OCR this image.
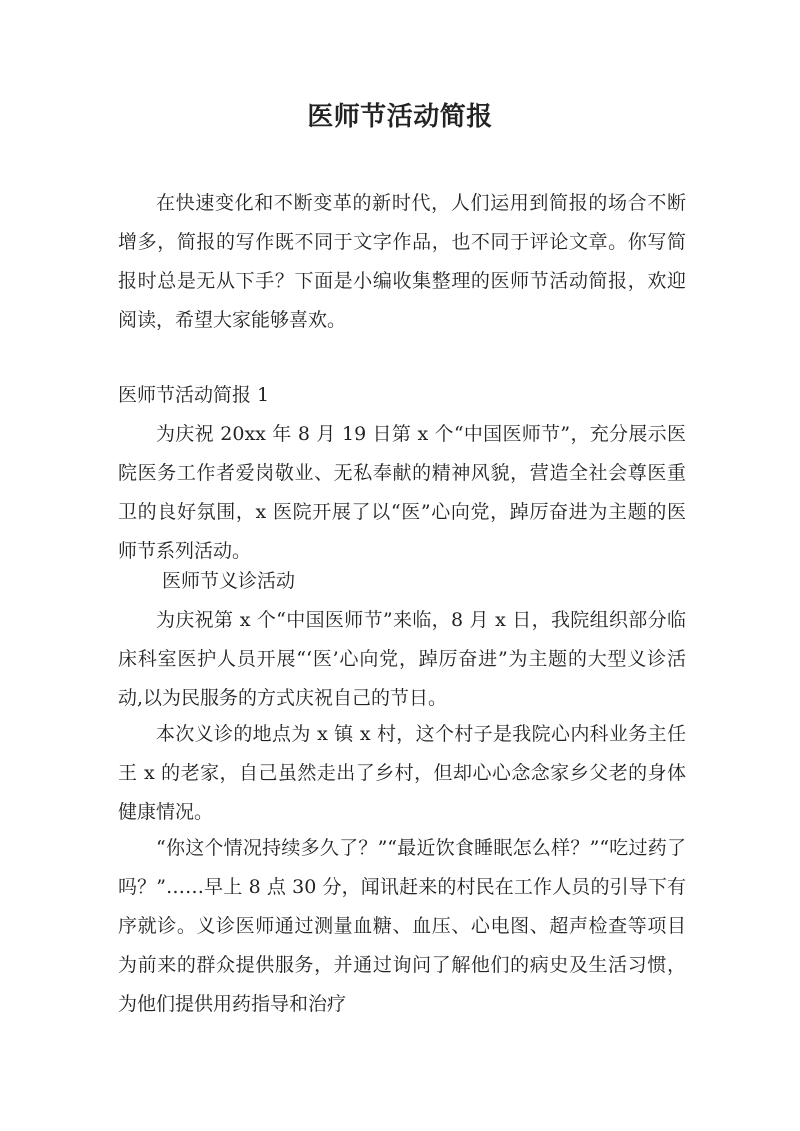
医师节活动简报

在快速变化和不断变革的新时代，人们运用到简报的场合不断增多，简报的写作既不同于文字作品，也不同于评论文章。你写简报时总是无从下手？下面是小编收集整理的医师节活动简报，欢迎阅读，希望大家能够喜欢。

医师节活动简报 1

为庆祝 20xx 年 8 月 19 日第 x 个“中国医师节”，充分展示医院医务工作者爱岗敬业、无私奉献的精神风貌，营造全社会尊医重卫的良好氛围，x 医院开展了以“医”心向党，踔厉奋进为主题的医师节系列活动。

医师节义诊活动

为庆祝第 x 个“中国医师节”来临，8 月 x 日，我院组织部分临床科室医护人员开展“‘医’心向党，踔厉奋进”为主题的大型义诊活动,以为民服务的方式庆祝自己的节日。

本次义诊的地点为 x 镇 x 村，这个村子是我院心内科业务主任王 x 的老家，自己虽然走出了乡村，但却心心念念家乡父老的身体健康情况。

“你这个情况持续多久了？”“最近饮食睡眠怎么样？”“吃过药了吗？”……早上 8 点 30 分，闻讯赶来的村民在工作人员的引导下有序就诊。义诊医师通过测量血糖、血压、心电图、超声检查等项目为前来的群众提供服务，并通过询问了解他们的病史及生活习惯，为他们提供用药指导和治疗
